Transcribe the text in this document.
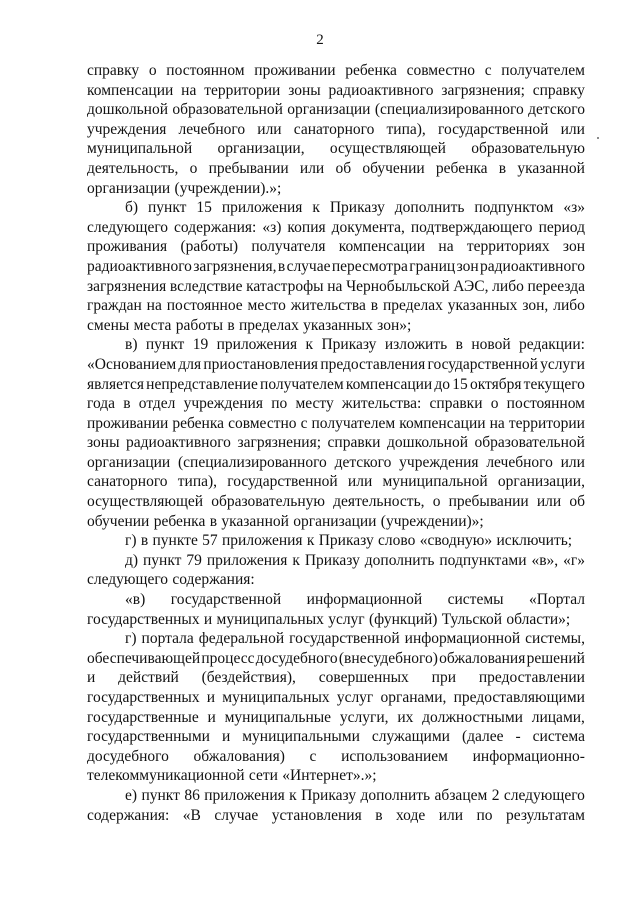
2
справку о постоянном проживании ребенка совместно с получателем
компенсации на территории зоны радиоактивного загрязнения; справку
дошкольной образовательной организации (специализированного детского
учреждения лечебного или санаторного типа), государственной или
муниципальной организации, осуществляющей образовательную
деятельность, о пребывании или об обучении ребенка в указанной
организации (учреждении).»;
б) пункт 15 приложения к Приказу дополнить подпунктом «з»
следующего содержания: «з) копия документа, подтверждающего период
проживания (работы) получателя компенсации на территориях зон
радиоактивного загрязнения, в случае пересмотра границ зон радиоактивного
загрязнения вследствие катастрофы на Чернобыльской АЭС, либо переезда
граждан на постоянное место жительства в пределах указанных зон, либо
смены места работы в пределах указанных зон»;
в) пункт 19 приложения к Приказу изложить в новой редакции:
«Основанием для приостановления предоставления государственной услуги
является непредставление получателем компенсации до 15 октября текущего
года в отдел учреждения по месту жительства: справки о постоянном
проживании ребенка совместно с получателем компенсации на территории
зоны радиоактивного загрязнения; справки дошкольной образовательной
организации (специализированного детского учреждения лечебного или
санаторного типа), государственной или муниципальной организации,
осуществляющей образовательную деятельность, о пребывании или об
обучении ребенка в указанной организации (учреждении)»;
г) в пункте 57 приложения к Приказу слово «сводную» исключить;
д) пункт 79 приложения к Приказу дополнить подпунктами «в», «г»
следующего содержания:
«в) государственной информационной системы «Портал
государственных и муниципальных услуг (функций) Тульской области»;
г) портала федеральной государственной информационной системы,
обеспечивающей процесс досудебного (внесудебного) обжалования решений
и действий (бездействия), совершенных при предоставлении
государственных и муниципальных услуг органами, предоставляющими
государственные и муниципальные услуги, их должностными лицами,
государственными и муниципальными служащими (далее - система
досудебного обжалования) с использованием информационно-
телекоммуникационной сети «Интернет».»;
е) пункт 86 приложения к Приказу дополнить абзацем 2 следующего
содержания: «В случае установления в ходе или по результатам
